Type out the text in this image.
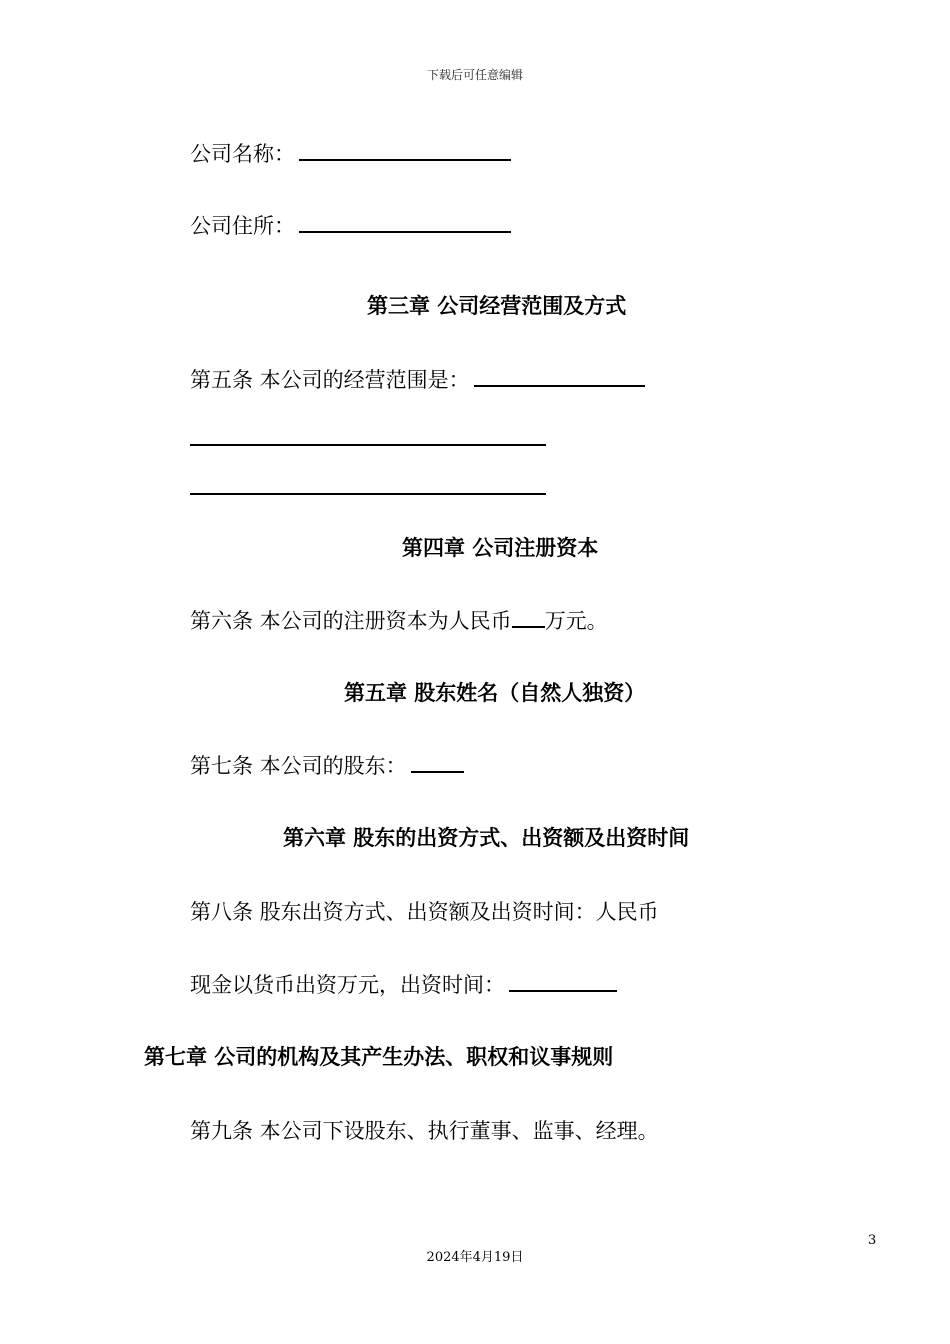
下载后可任意编辑
公司名称：
公司住所：
第三章 公司经营范围及方式
第五条 本公司的经营范围是：
第四章 公司注册资本
第六条 本公司的注册资本为人民币 万元。
第五章 股东姓名（自然人独资）
第七条 本公司的股东：
第六章 股东的出资方式、出资额及出资时间
第八条 股东出资方式、出资额及出资时间：人民币
现金以货币出资万元，出资时间：
第七章 公司的机构及其产生办法、职权和议事规则
第九条 本公司下设股东、执行董事、监事、经理。
3
2024年4月19日
